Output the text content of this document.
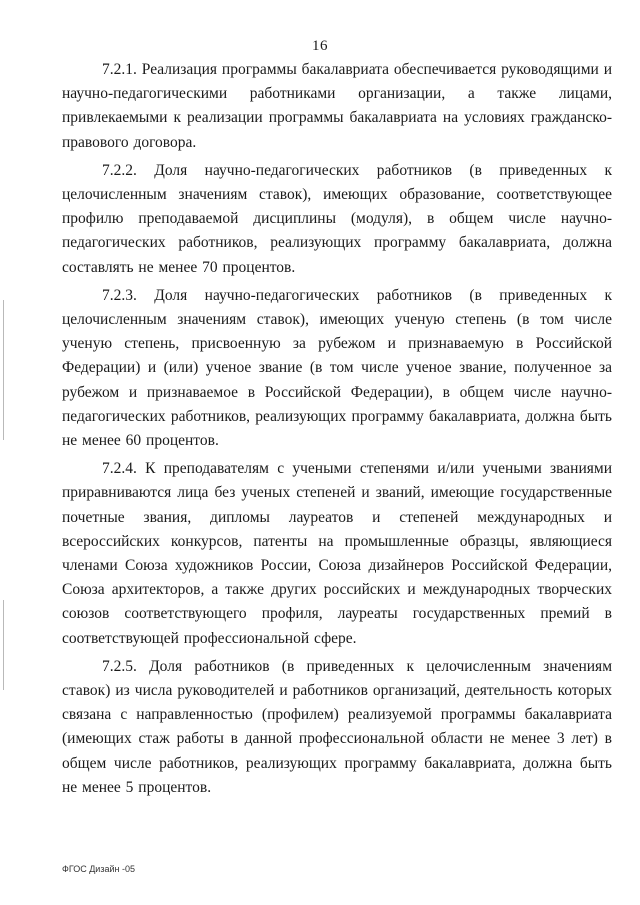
16

7.2.1. Реализация программы бакалавриата обеспечивается руководящими и научно-педагогическими работниками организации, а также лицами, привлекаемыми к реализации программы бакалавриата на условиях гражданско-правового договора.

7.2.2. Доля научно-педагогических работников (в приведенных к целочисленным значениям ставок), имеющих образование, соответствующее профилю преподаваемой дисциплины (модуля), в общем числе научно-педагогических работников, реализующих программу бакалавриата, должна составлять не менее 70 процентов.

7.2.3. Доля научно-педагогических работников (в приведенных к целочисленным значениям ставок), имеющих ученую степень (в том числе ученую степень, присвоенную за рубежом и признаваемую в Российской Федерации) и (или) ученое звание (в том числе ученое звание, полученное за рубежом и признаваемое в Российской Федерации), в общем числе научно-педагогических работников, реализующих программу бакалавриата, должна быть не менее 60 процентов.

7.2.4. К преподавателям с учеными степенями и/или учеными званиями приравниваются лица без ученых степеней и званий, имеющие государственные почетные звания, дипломы лауреатов и степеней международных и всероссийских конкурсов, патенты на промышленные образцы, являющиеся членами Союза художников России, Союза дизайнеров Российской Федерации, Союза архитекторов, а также других российских и международных творческих союзов соответствующего профиля, лауреаты государственных премий в соответствующей профессиональной сфере.

7.2.5. Доля работников (в приведенных к целочисленным значениям ставок) из числа руководителей и работников организаций, деятельность которых связана с направленностью (профилем) реализуемой программы бакалавриата (имеющих стаж работы в данной профессиональной области не менее 3 лет) в общем числе работников, реализующих программу бакалавриата, должна быть не менее 5 процентов.

ФГОС Дизайн -05
